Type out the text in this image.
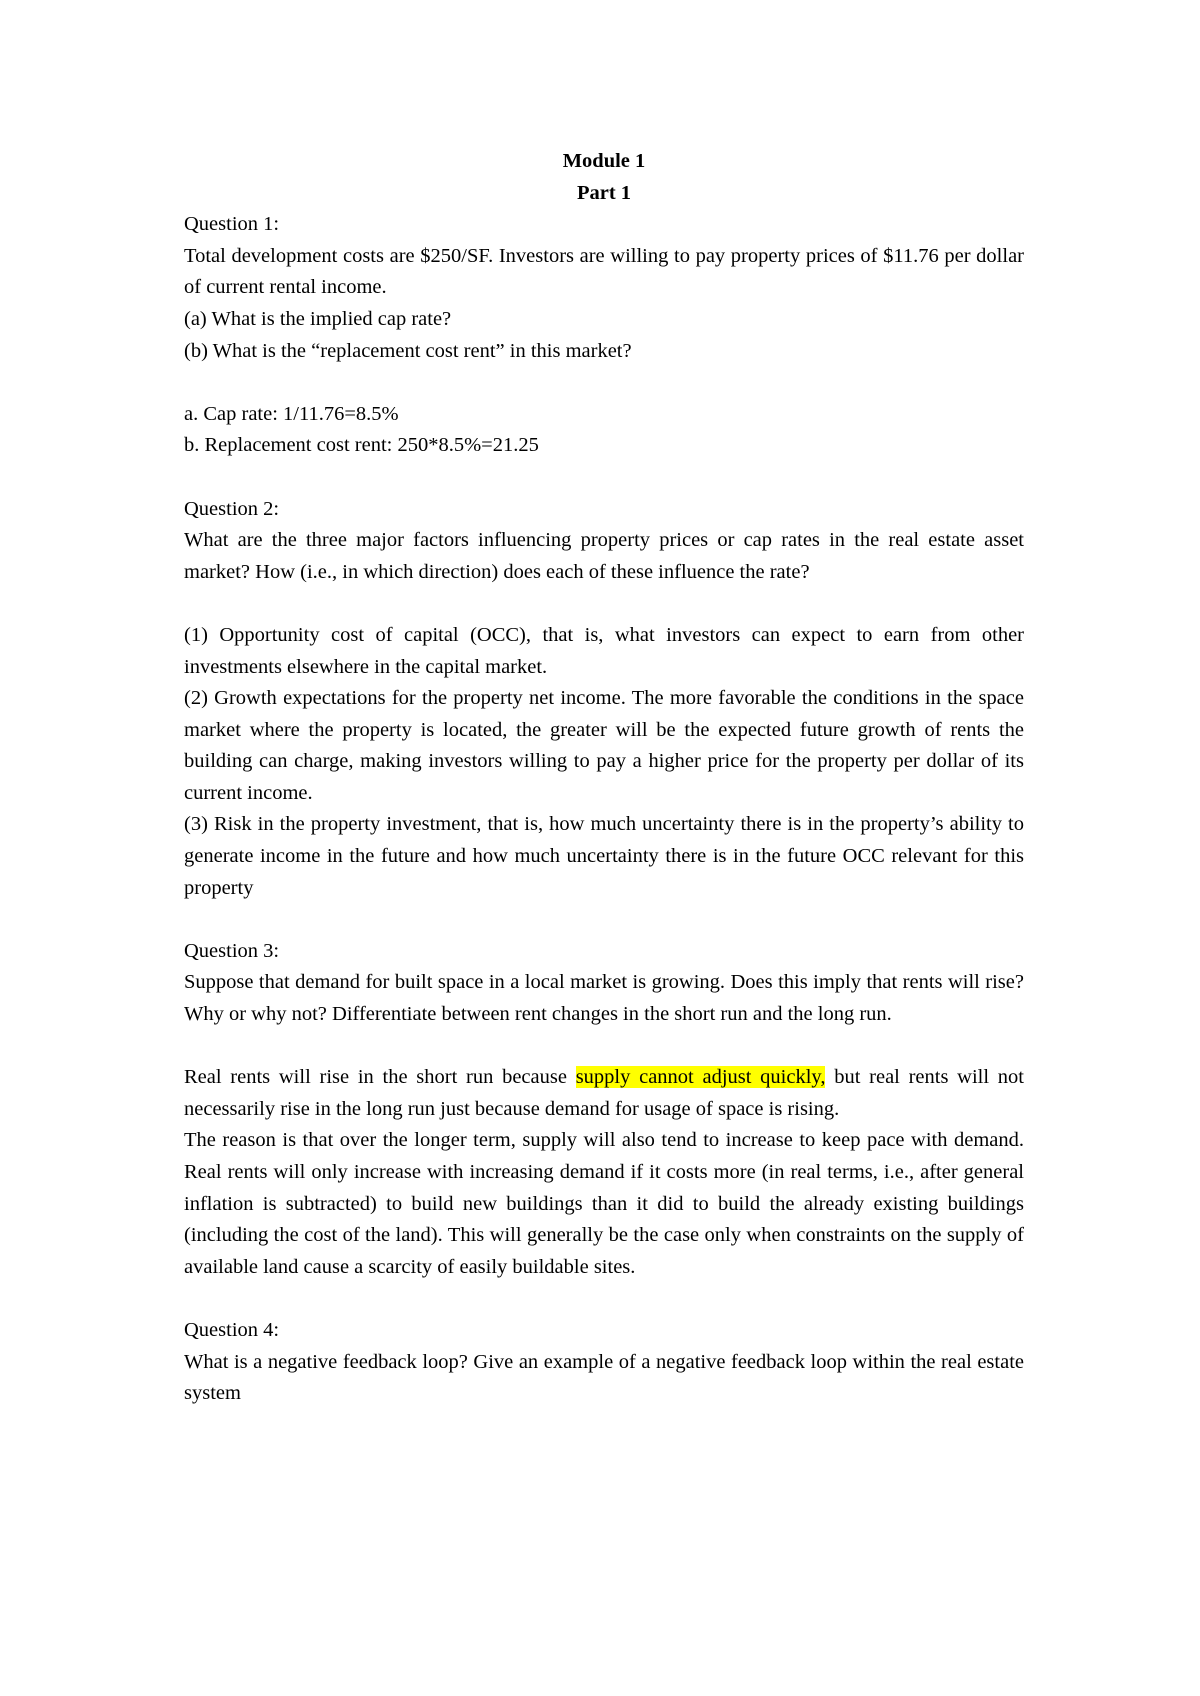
Module 1

Part 1

Question 1:

Total development costs are $250/SF. Investors are willing to pay property prices of $11.76 per dollar of current rental income.

(a) What is the implied cap rate?

(b) What is the “replacement cost rent” in this market?

a. Cap rate: 1/11.76=8.5%

b. Replacement cost rent: 250*8.5%=21.25

Question 2:

What are the three major factors influencing property prices or cap rates in the real estate asset market? How (i.e., in which direction) does each of these influence the rate?

(1) Opportunity cost of capital (OCC), that is, what investors can expect to earn from other investments elsewhere in the capital market.

(2) Growth expectations for the property net income. The more favorable the conditions in the space market where the property is located, the greater will be the expected future growth of rents the building can charge, making investors willing to pay a higher price for the property per dollar of its current income.

(3) Risk in the property investment, that is, how much uncertainty there is in the property’s ability to generate income in the future and how much uncertainty there is in the future OCC relevant for this property

Question 3:

Suppose that demand for built space in a local market is growing. Does this imply that rents will rise? Why or why not? Differentiate between rent changes in the short run and the long run.

Real rents will rise in the short run because supply cannot adjust quickly, but real rents will not necessarily rise in the long run just because demand for usage of space is rising.

The reason is that over the longer term, supply will also tend to increase to keep pace with demand. Real rents will only increase with increasing demand if it costs more (in real terms, i.e., after general inflation is subtracted) to build new buildings than it did to build the already existing buildings (including the cost of the land). This will generally be the case only when constraints on the supply of available land cause a scarcity of easily buildable sites.

Question 4:

What is a negative feedback loop? Give an example of a negative feedback loop within the real estate system
